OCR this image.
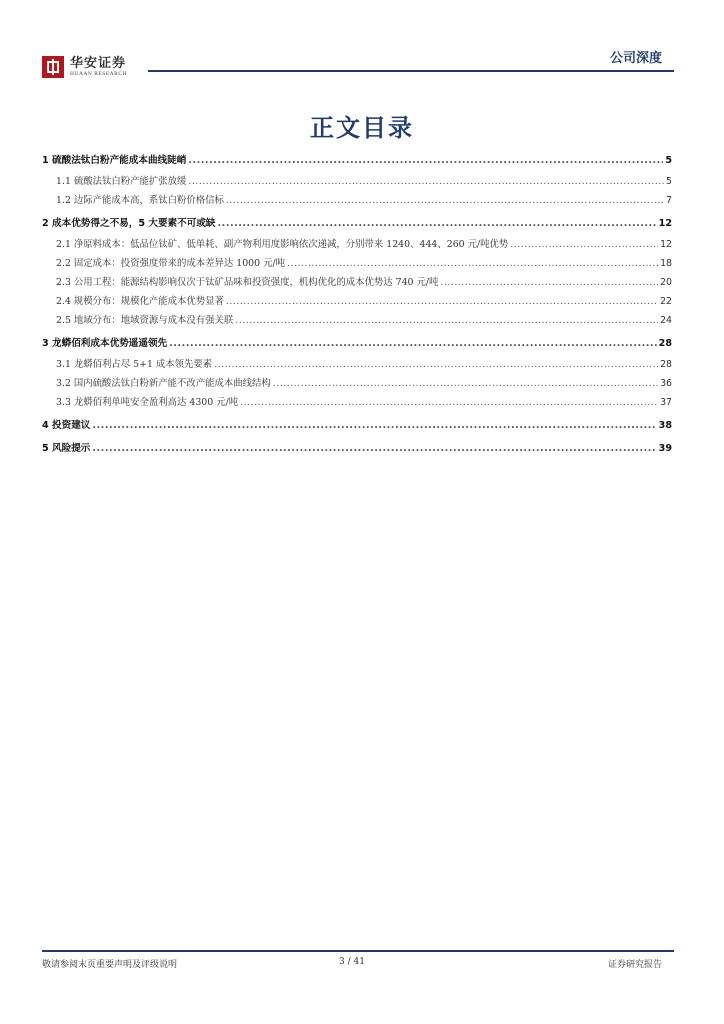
华安证券
HUAAN RESEARCH
公司深度
正文目录
1 硫酸法钛白粉产能成本曲线陡峭 .....	5
1.1 硫酸法钛白粉产能扩张放缓 .....	5
1.2 边际产能成本高，系钛白粉价格信标 .....	7
2 成本优势得之不易，5 大要素不可或缺 .....	12
2.1 净原料成本：低品位钛矿、低单耗、副产物利用度影响依次递减，分别带来 1240、444、260 元/吨优势 .....	12
2.2 固定成本：投资强度带来的成本差异达 1000 元/吨 .....	18
2.3 公用工程：能源结构影响仅次于钛矿品味和投资强度，机构优化的成本优势达 740 元/吨 .....	20
2.4 规模分布：规模化产能成本优势显著 .....	22
2.5 地域分布：地域资源与成本没有强关联 .....	24
3 龙蟒佰利成本优势遥遥领先 .....	28
3.1 龙蟒佰利占尽 5+1 成本领先要素 .....	28
3.2 国内硫酸法钛白粉新产能不改产能成本曲线结构 .....	36
3.3 龙蟒佰利单吨安全盈利高达 4300 元/吨 .....	37
4 投资建议 .....	38
5 风险提示 .....	39
敬请参阅末页重要声明及评级说明	3 / 41	证券研究报告
